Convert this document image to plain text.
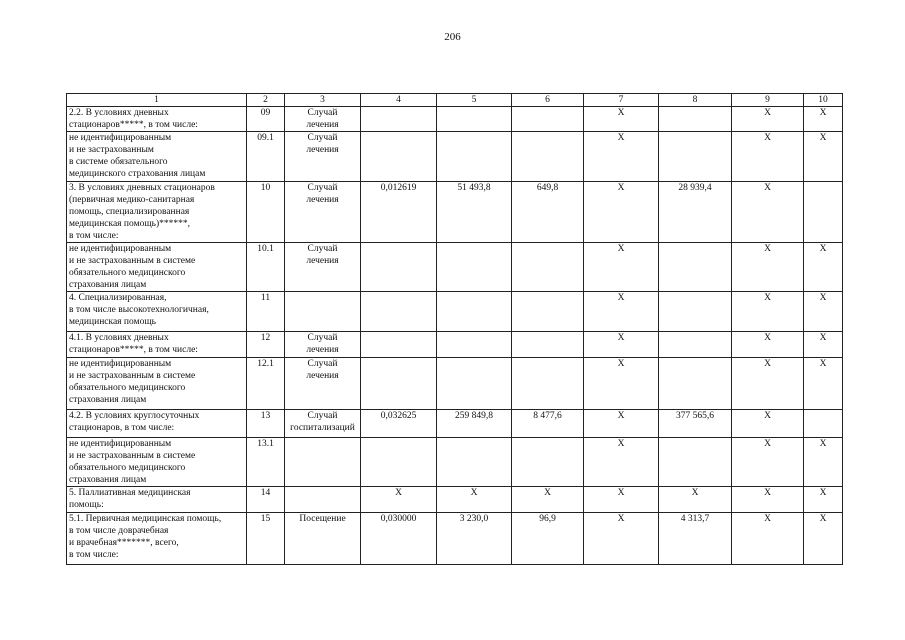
206
1	2	3	4	5	6	7	8	9	10
2.2. В условиях дневных
стационаров*****, в том числе:	09	Случай
лечения				X		X	X
не идентифицированным
и не застрахованным
в системе обязательного
медицинского страхования лицам	09.1	Случай
лечения				X		X	X
3. В условиях дневных стационаров
(первичная медико-санитарная
помощь, специализированная
медицинская помощь)******,
в том числе:	10	Случай
лечения	0,012619	51 493,8	649,8	X	28 939,4	X	
не идентифицированным
и не застрахованным в системе
обязательного медицинского
страхования лицам	10.1	Случай
лечения				X		X	X
4. Специализированная,
в том числе высокотехнологичная,
медицинская помощь	11					X		X	X
4.1. В условиях дневных
стационаров*****, в том числе:	12	Случай
лечения				X		X	X
не идентифицированным
и не застрахованным в системе
обязательного медицинского
страхования лицам	12.1	Случай
лечения				X		X	X
4.2. В условиях круглосуточных
стационаров, в том числе:	13	Случай
госпитализаций	0,032625	259 849,8	8 477,6	X	377 565,6	X	
не идентифицированным
и не застрахованным в системе
обязательного медицинского
страхования лицам	13.1					X		X	X
5. Паллиативная медицинская
помощь:	14		X	X	X	X	X	X	X
5.1. Первичная медицинская помощь,
в том числе доврачебная
и врачебная*******, всего,
в том числе:	15	Посещение	0,030000	3 230,0	96,9	X	4 313,7	X	X
